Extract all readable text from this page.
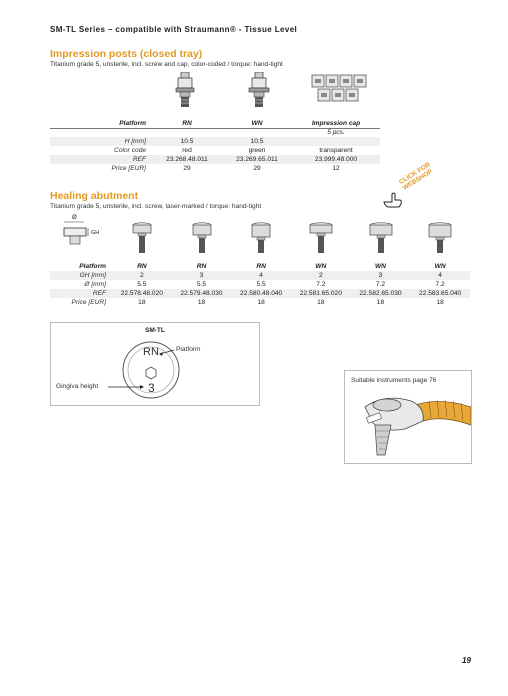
SM-TL Series – compatible with Straumann® - Tissue Level
Impression posts (closed tray)
Titanium grade 5, unsterile, incl. screw and cap, color-coded / torque: hand-tight
Platform	RN	WN	Impression cap
			5 pcs.
H [mm]	10.5	10.5	
Color code	red	green	transparent
REF	23.268.48.011	23.269.65.011	23.999.48.000
Price [EUR]	29	29	12
Healing abutment
Titanium grade 5, unsterile, incl. screw, laser-marked / torque: hand-tight
CLICK FOR WEBSHOP
Ø
GH
Platform	RN	RN	RN	WN	WN	WN
GH [mm]	2	3	4	2	3	4
Ø [mm]	5.5	5.5	5.5	7.2	7.2	7.2
REF	22.578.48.020	22.579.48.030	22.580.48.040	22.581.65.020	22.582.65.030	22.583.65.040
Price [EUR]	18	18	18	18	18	18
SM-TL
RN
3
Platform
Gingiva height
Suitable instruments page 76
19
